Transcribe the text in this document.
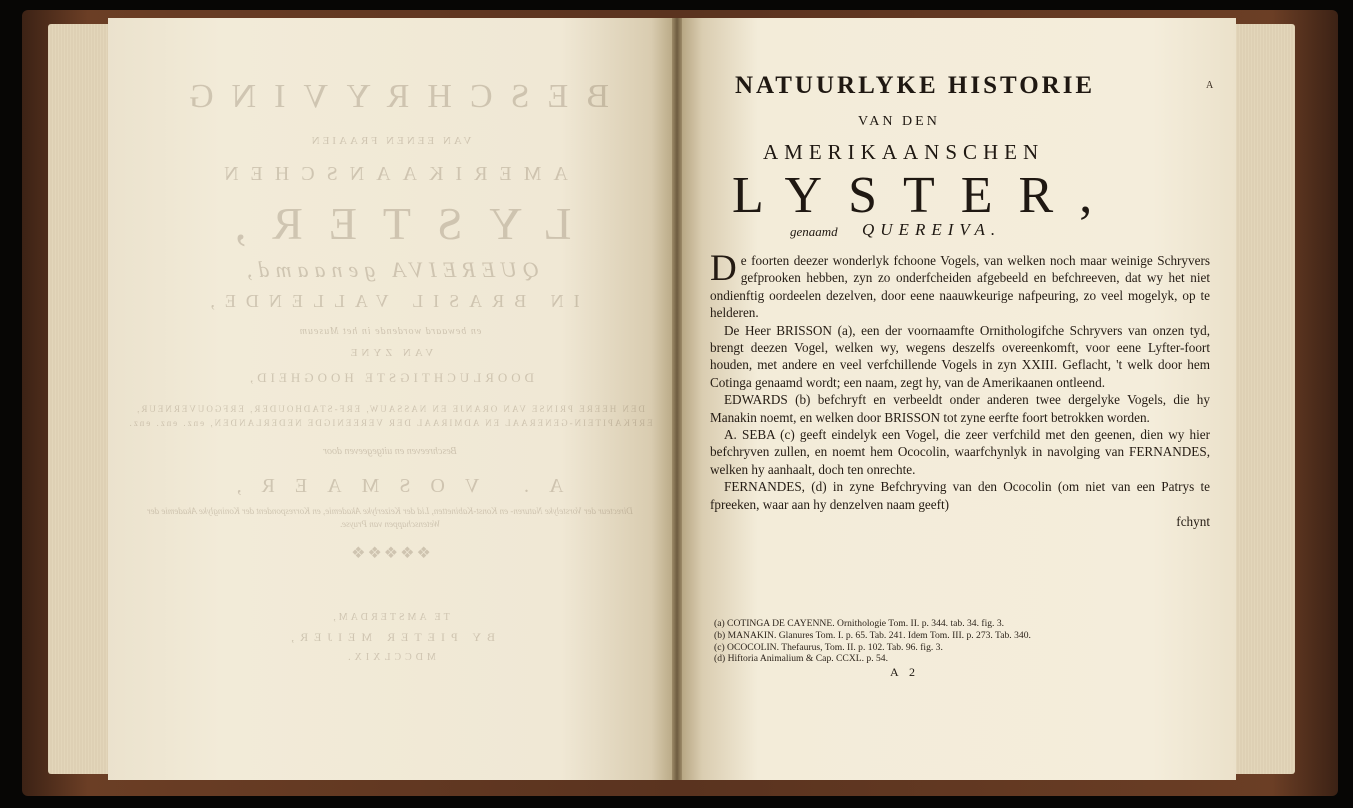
BESCHRYVING
VAN EENEN FRAAIEN
AMERIKAANSCHEN
LYSTER,
QUEREIVA genaamd,
IN BRASIL VALLENDE,
en bewaard wordende in het Museum
VAN ZYNE
DOORLUCHTIGSTE HOOGHEID,
DEN HEERE PRINSE VAN ORANJE EN NASSAUW, ERF-STADHOUDER, ERFGOUVERNEUR, ERFKAPITEIN-GENERAAL EN ADMIRAAL DER VEREENIGDE NEDERLANDEN, enz. enz. enz.
Beschreeven en uitgegeeven door
A. VOSMAER,
Directeur der Vorstelyke Naturen- en Konst-Kabinetten, Lid der Keizerlyke Akademie, en Korrespondent der Koninglyke Akademie der Wetenschappen van Pruyse.
❖❖❖❖❖
TE AMSTERDAM,
BY PIETER MEIJER,
MDCCLXIX.
A
NATUURLYKE HISTORIE
VAN DEN
AMERIKAANSCHEN
LYSTER,
genaamd QUEREIVA.

De foorten deezer wonderlyk fchoone Vogels, van welken noch maar weinige Schryvers gefprooken hebben, zyn zo onderfcheiden afgebeeld en befchreeven, dat wy het niet ondienftig oordeelen dezelven, door eene naauwkeurige nafpeuring, zo veel mogelyk, op te helderen.

De Heer BRISSON (a), een der voornaamfte Ornithologifche Schryvers van onzen tyd, brengt deezen Vogel, welken wy, wegens deszelfs overeenkomft, voor eene Lyfter-foort houden, met andere en veel verfchillende Vogels in zyn XXIII. Geflacht, 't welk door hem Cotinga genaamd wordt; een naam, zegt hy, van de Amerikaanen ontleend.

EDWARDS (b) befchryft en verbeeldt onder anderen twee dergelyke Vogels, die hy Manakin noemt, en welken door BRISSON tot zyne eerfte foort betrokken worden.

A. SEBA (c) geeft eindelyk een Vogel, die zeer verfchild met den geenen, dien wy hier befchryven zullen, en noemt hem Ococolin, waarfchynlyk in navolging van FERNANDES, welken hy aanhaalt, doch ten onrechte.

FERNANDES, (d) in zyne Befchryving van den Ococolin (om niet van een Patrys te fpreeken, waar aan hy denzelven naam geeft)

fchynt
(a) COTINGA DE CAYENNE. Ornithologie Tom. II. p. 344. tab. 34. fig. 3.
(b) MANAKIN. Glanures Tom. I. p. 65. Tab. 241. Idem Tom. III. p. 273. Tab. 340.
(c) OCOCOLIN. Thefaurus, Tom. II. p. 102. Tab. 96. fig. 3.
(d) Hiftoria Animalium & Cap. CCXL. p. 54.
A 2
